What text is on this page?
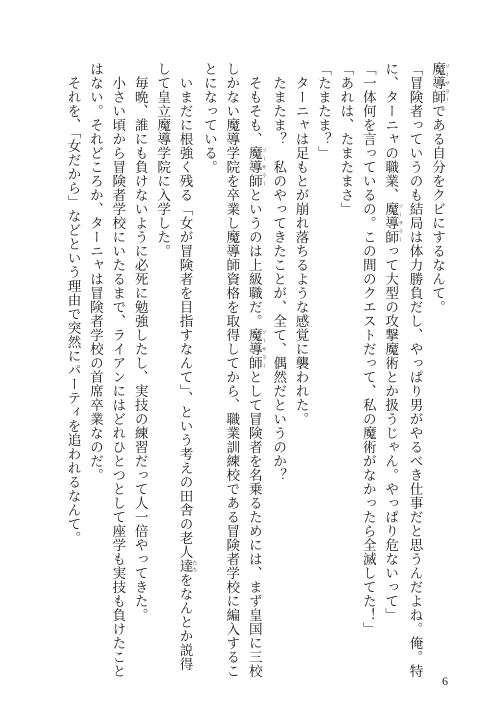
魔導師 ソーサラーである自分をクビにするなんて。
「冒険者っていうのも結局は体力勝負だし、やっぱり男がやるべき仕事だと思うんだよね。俺。特
に、ターニャの職業、魔導師 ソーサラーって大型の攻撃魔術とか扱うじゃん。やっぱり危ないって」
「一体何を言っているの。この間のクエストだって、私の魔術がなかったら全滅してた！」
「あれは、たまたまさ」
「たまたま？」
　ターニャは足もとが崩れ落ちるような感覚に襲われた。
　たまたま？　私のやってきたことが、全て、偶然だというのか？
　そもそも、魔導師 ソーサラーというのは上級職だ。魔導師 ソーサラーとして冒険者を名乗るためには、まず皇国に三校
しかない魔導学院を卒業し魔導師資格を取得してから、職業訓練校である冒険者学校に編入するこ
とになっている。
　いまだに根強く残る「女が冒険者を目指すなんて」、という考えの田舎の老人達 たちをなんとか説得
して皇立魔導学院に入学した。
　毎晩、誰にも負けないように必死に勉強したし、実技の練習だって人一倍やってきた。
　小さい頃から冒険者学校にいたるまで、ライアンにはどれひとつとして座学も実技も負けたこと
はない。それどころか、ターニャは冒険者学校の首席卒業なのだ。
　それを、「女だから」などという理由で突然にパーティを追われるなんて。
6
